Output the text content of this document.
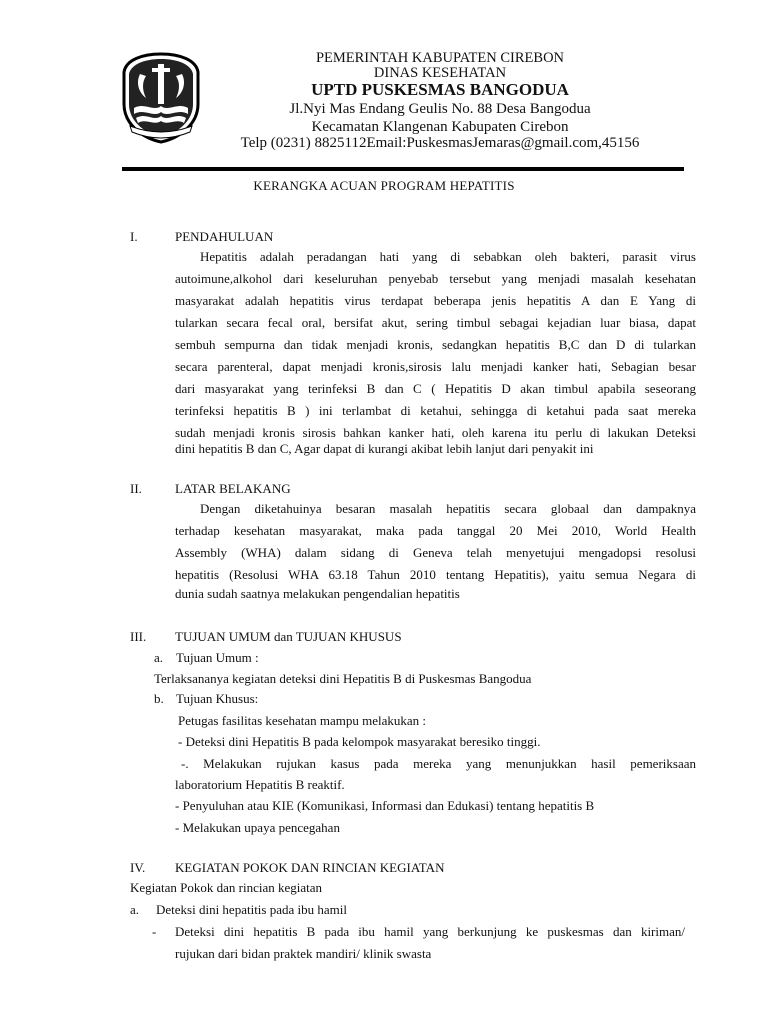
PEMERINTAH KABUPATEN CIREBON
DINAS KESEHATAN
UPTD PUSKESMAS BANGODUA
Jl.Nyi Mas Endang Geulis No. 88 Desa Bangodua
Kecamatan Klangenan Kabupaten Cirebon
Telp (0231) 8825112Email:PuskesmasJemaras@gmail.com,45156
KERANGKA ACUAN PROGRAM HEPATITIS
I.	PENDAHULUAN
Hepatitis adalah peradangan hati yang di sebabkan oleh bakteri, parasit virus
autoimune,alkohol dari keseluruhan penyebab tersebut yang menjadi masalah kesehatan
masyarakat adalah hepatitis virus terdapat beberapa jenis hepatitis A dan E Yang di
tularkan secara fecal oral, bersifat akut, sering timbul sebagai kejadian luar biasa, dapat
sembuh sempurna dan tidak menjadi kronis, sedangkan hepatitis B,C dan D di tularkan
secara parenteral, dapat menjadi kronis,sirosis lalu menjadi kanker hati, Sebagian besar
dari masyarakat yang terinfeksi B dan C ( Hepatitis D akan timbul apabila seseorang
terinfeksi hepatitis B ) ini terlambat di ketahui, sehingga di ketahui pada saat mereka
sudah menjadi kronis sirosis bahkan kanker hati, oleh karena itu perlu di lakukan Deteksi
dini hepatitis B dan C, Agar dapat di kurangi akibat lebih lanjut dari penyakit ini
II.	LATAR BELAKANG
Dengan diketahuinya besaran masalah hepatitis secara globaal dan dampaknya
terhadap kesehatan masyarakat, maka pada tanggal 20 Mei 2010, World Health
Assembly (WHA) dalam sidang di Geneva telah menyetujui mengadopsi resolusi
hepatitis (Resolusi WHA 63.18 Tahun 2010 tentang Hepatitis), yaitu semua Negara di
dunia sudah saatnya melakukan pengendalian hepatitis
III. TUJUAN UMUM dan TUJUAN KHUSUS
a. Tujuan Umum :
Terlaksananya kegiatan deteksi dini Hepatitis B di Puskesmas Bangodua
b. Tujuan Khusus:
Petugas fasilitas kesehatan mampu melakukan :
- Deteksi dini Hepatitis B pada kelompok masyarakat beresiko tinggi.
-. Melakukan rujukan kasus pada mereka yang menunjukkan hasil pemeriksaan
laboratorium Hepatitis B reaktif.
- Penyuluhan atau KIE (Komunikasi, Informasi dan Edukasi) tentang hepatitis B
- Melakukan upaya pencegahan
IV. KEGIATAN POKOK DAN RINCIAN KEGIATAN
Kegiatan Pokok dan rincian kegiatan
a. Deteksi dini hepatitis pada ibu hamil
- Deteksi dini hepatitis B pada ibu hamil yang berkunjung ke puskesmas dan kiriman/
rujukan dari bidan praktek mandiri/ klinik swasta
